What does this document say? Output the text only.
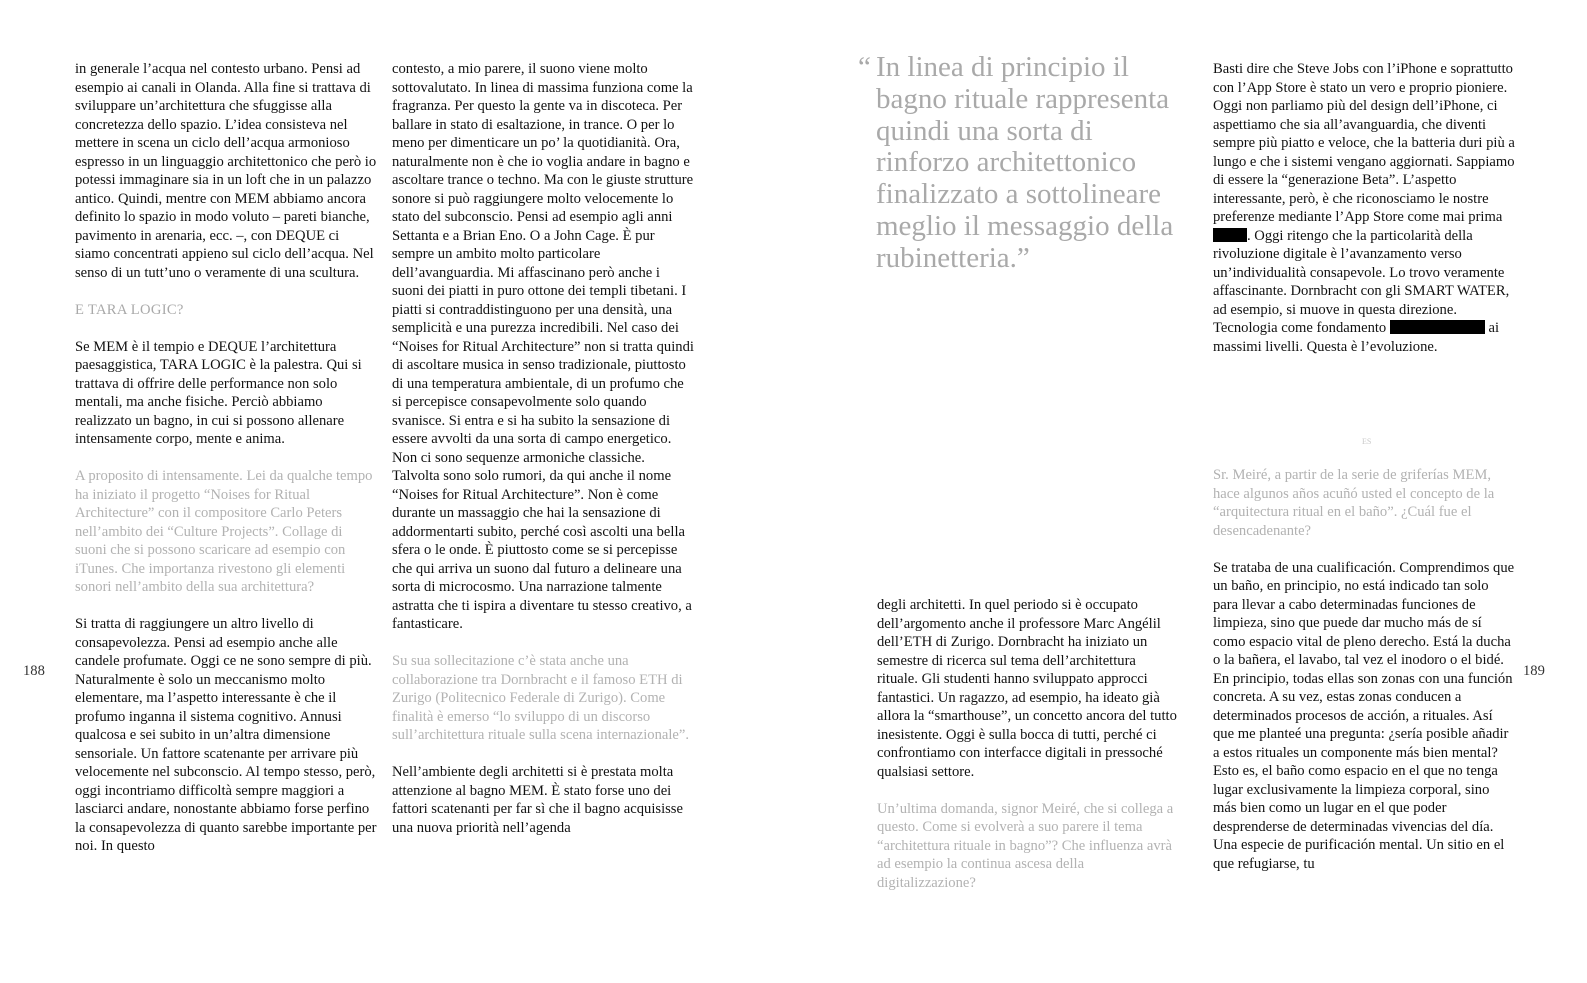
188	189

in generale l’acqua nel contesto urbano. Pensi ad esempio ai canali in Olanda. Alla fine si trattava di sviluppare un’architettura che sfuggisse alla concretezza dello spazio. L’idea consisteva nel mettere in scena un ciclo dell’acqua armonioso espresso in un linguaggio architettonico che però io potessi immaginare sia in un loft che in un palazzo antico. Quindi, mentre con MEM abbiamo ancora definito lo spazio in modo voluto – pareti bianche, pavimento in arenaria, ecc. –, con DEQUE ci siamo concentrati appieno sul ciclo dell’acqua. Nel senso di un tutt’uno o veramente di una scultura.

E TARA LOGIC?

Se MEM è il tempio e DEQUE l’architettura paesaggistica, TARA LOGIC è la palestra. Qui si trattava di offrire delle performance non solo mentali, ma anche fisiche. Perciò abbiamo realizzato un bagno, in cui si possono allenare intensamente corpo, mente e anima.

A proposito di intensamente. Lei da qualche tempo ha iniziato il progetto “Noises for Ritual Architecture” con il compositore Carlo Peters nell’ambito dei “Culture Projects”. Collage di suoni che si possono scaricare ad esempio con iTunes. Che importanza rivestono gli elementi sonori nell’ambito della sua architettura?

Si tratta di raggiungere un altro livello di consapevolezza. Pensi ad esempio anche alle candele profumate. Oggi ce ne sono sempre di più. Naturalmente è solo un meccanismo molto elementare, ma l’aspetto interessante è che il profumo inganna il sistema cognitivo. Annusi qualcosa e sei subito in un’altra dimensione sensoriale. Un fattore scatenante per arrivare più velocemente nel subconscio. Al tempo stesso, però, oggi incontriamo difficoltà sempre maggiori a lasciarci andare, nonostante abbiamo forse perfino la consapevolezza di quanto sarebbe importante per noi. In questo

contesto, a mio parere, il suono viene molto sottovalutato. In linea di massima funziona come la fragranza. Per questo la gente va in discoteca. Per ballare in stato di esaltazione, in trance. O per lo meno per dimenticare un po’ la quotidianità. Ora, naturalmente non è che io voglia andare in bagno e ascoltare trance o techno. Ma con le giuste strutture sonore si può raggiungere molto velocemente lo stato del subconscio. Pensi ad esempio agli anni Settanta e a Brian Eno. O a John Cage. È pur sempre un ambito molto particolare dell’avanguardia. Mi affascinano però anche i suoni dei piatti in puro ottone dei templi tibetani. I piatti si contraddistinguono per una densità, una semplicità e una purezza incredibili. Nel caso dei “Noises for Ritual Architecture” non si tratta quindi di ascoltare musica in senso tradizionale, piuttosto di una temperatura ambientale, di un profumo che si percepisce consapevolmente solo quando svanisce. Si entra e si ha subito la sensazione di essere avvolti da una sorta di campo energetico. Non ci sono sequenze armoniche classiche. Talvolta sono solo rumori, da qui anche il nome “Noises for Ritual Architecture”. Non è come durante un massaggio che hai la sensazione di addormentarti subito, perché così ascolti una bella sfera o le onde. È piuttosto come se si percepisse che qui arriva un suono dal futuro a delineare una sorta di microcosmo. Una narrazione talmente astratta che ti ispira a diventare tu stesso creativo, a fantasticare.

Su sua sollecitazione c’è stata anche una collaborazione tra Dornbracht e il famoso ETH di Zurigo (Politecnico Federale di Zurigo). Come finalità è emerso “lo sviluppo di un discorso sull’architettura rituale sulla scena internazionale”.

Nell’ambiente degli architetti si è prestata molta attenzione al bagno MEM. È stato forse uno dei fattori scatenanti per far sì che il bagno acquisisse una nuova priorità nell’agenda

“ In linea di principio il bagno rituale rappresenta quindi una sorta di rinforzo architettonico finalizzato a sottolineare meglio il messaggio della rubinetteria.”

degli architetti. In quel periodo si è occupato dell’argomento anche il professore Marc Angélil dell’ETH di Zurigo. Dornbracht ha iniziato un semestre di ricerca sul tema dell’architettura rituale. Gli studenti hanno sviluppato approcci fantastici. Un ragazzo, ad esempio, ha ideato già allora la “smarthouse”, un concetto ancora del tutto inesistente. Oggi è sulla bocca di tutti, perché ci confrontiamo con interfacce digitali in pressoché qualsiasi settore.

Un’ultima domanda, signor Meiré, che si collega a questo. Come si evolverà a suo parere il tema “architettura rituale in bagno”? Che influenza avrà ad esempio la continua ascesa della digitalizzazione?

Basti dire che Steve Jobs con l’iPhone e soprattutto con l’App Store è stato un vero e proprio pioniere. Oggi non parliamo più del design dell’iPhone, ci aspettiamo che sia all’avanguardia, che diventi sempre più piatto e veloce, che la batteria duri più a lungo e che i sistemi vengano aggiornati. Sappiamo di essere la “generazione Beta”. L’aspetto interessante, però, è che riconosciamo le nostre preferenze mediante l’App Store come mai prima . Oggi ritengo che la particolarità della rivoluzione digitale è l’avanzamento verso un’individualità consapevole. Lo trovo veramente affascinante. Dornbracht con gli SMART WATER, ad esempio, si muove in questa direzione. Tecnologia come fondamento	ai massimi livelli. Questa è l’evoluzione.

ES

Sr. Meiré, a partir de la serie de griferías MEM, hace algunos años acuñó usted el concepto de la “arquitectura ritual en el baño”. ¿Cuál fue el desencadenante?

Se trataba de una cualificación. Comprendimos que un baño, en principio, no está indicado tan solo para llevar a cabo determinadas funciones de limpieza, sino que puede dar mucho más de sí como espacio vital de pleno derecho. Está la ducha o la bañera, el lavabo, tal vez el inodoro o el bidé. En principio, todas ellas son zonas con una función concreta. A su vez, estas zonas conducen a determinados procesos de acción, a rituales. Así que me planteé una pregunta: ¿sería posible añadir a estos rituales un componente más bien mental? Esto es, el baño como espacio en el que no tenga lugar exclusivamente la limpieza corporal, sino más bien como un lugar en el que poder desprenderse de determinadas vivencias del día. Una especie de purificación mental. Un sitio en el que refugiarse, tu
